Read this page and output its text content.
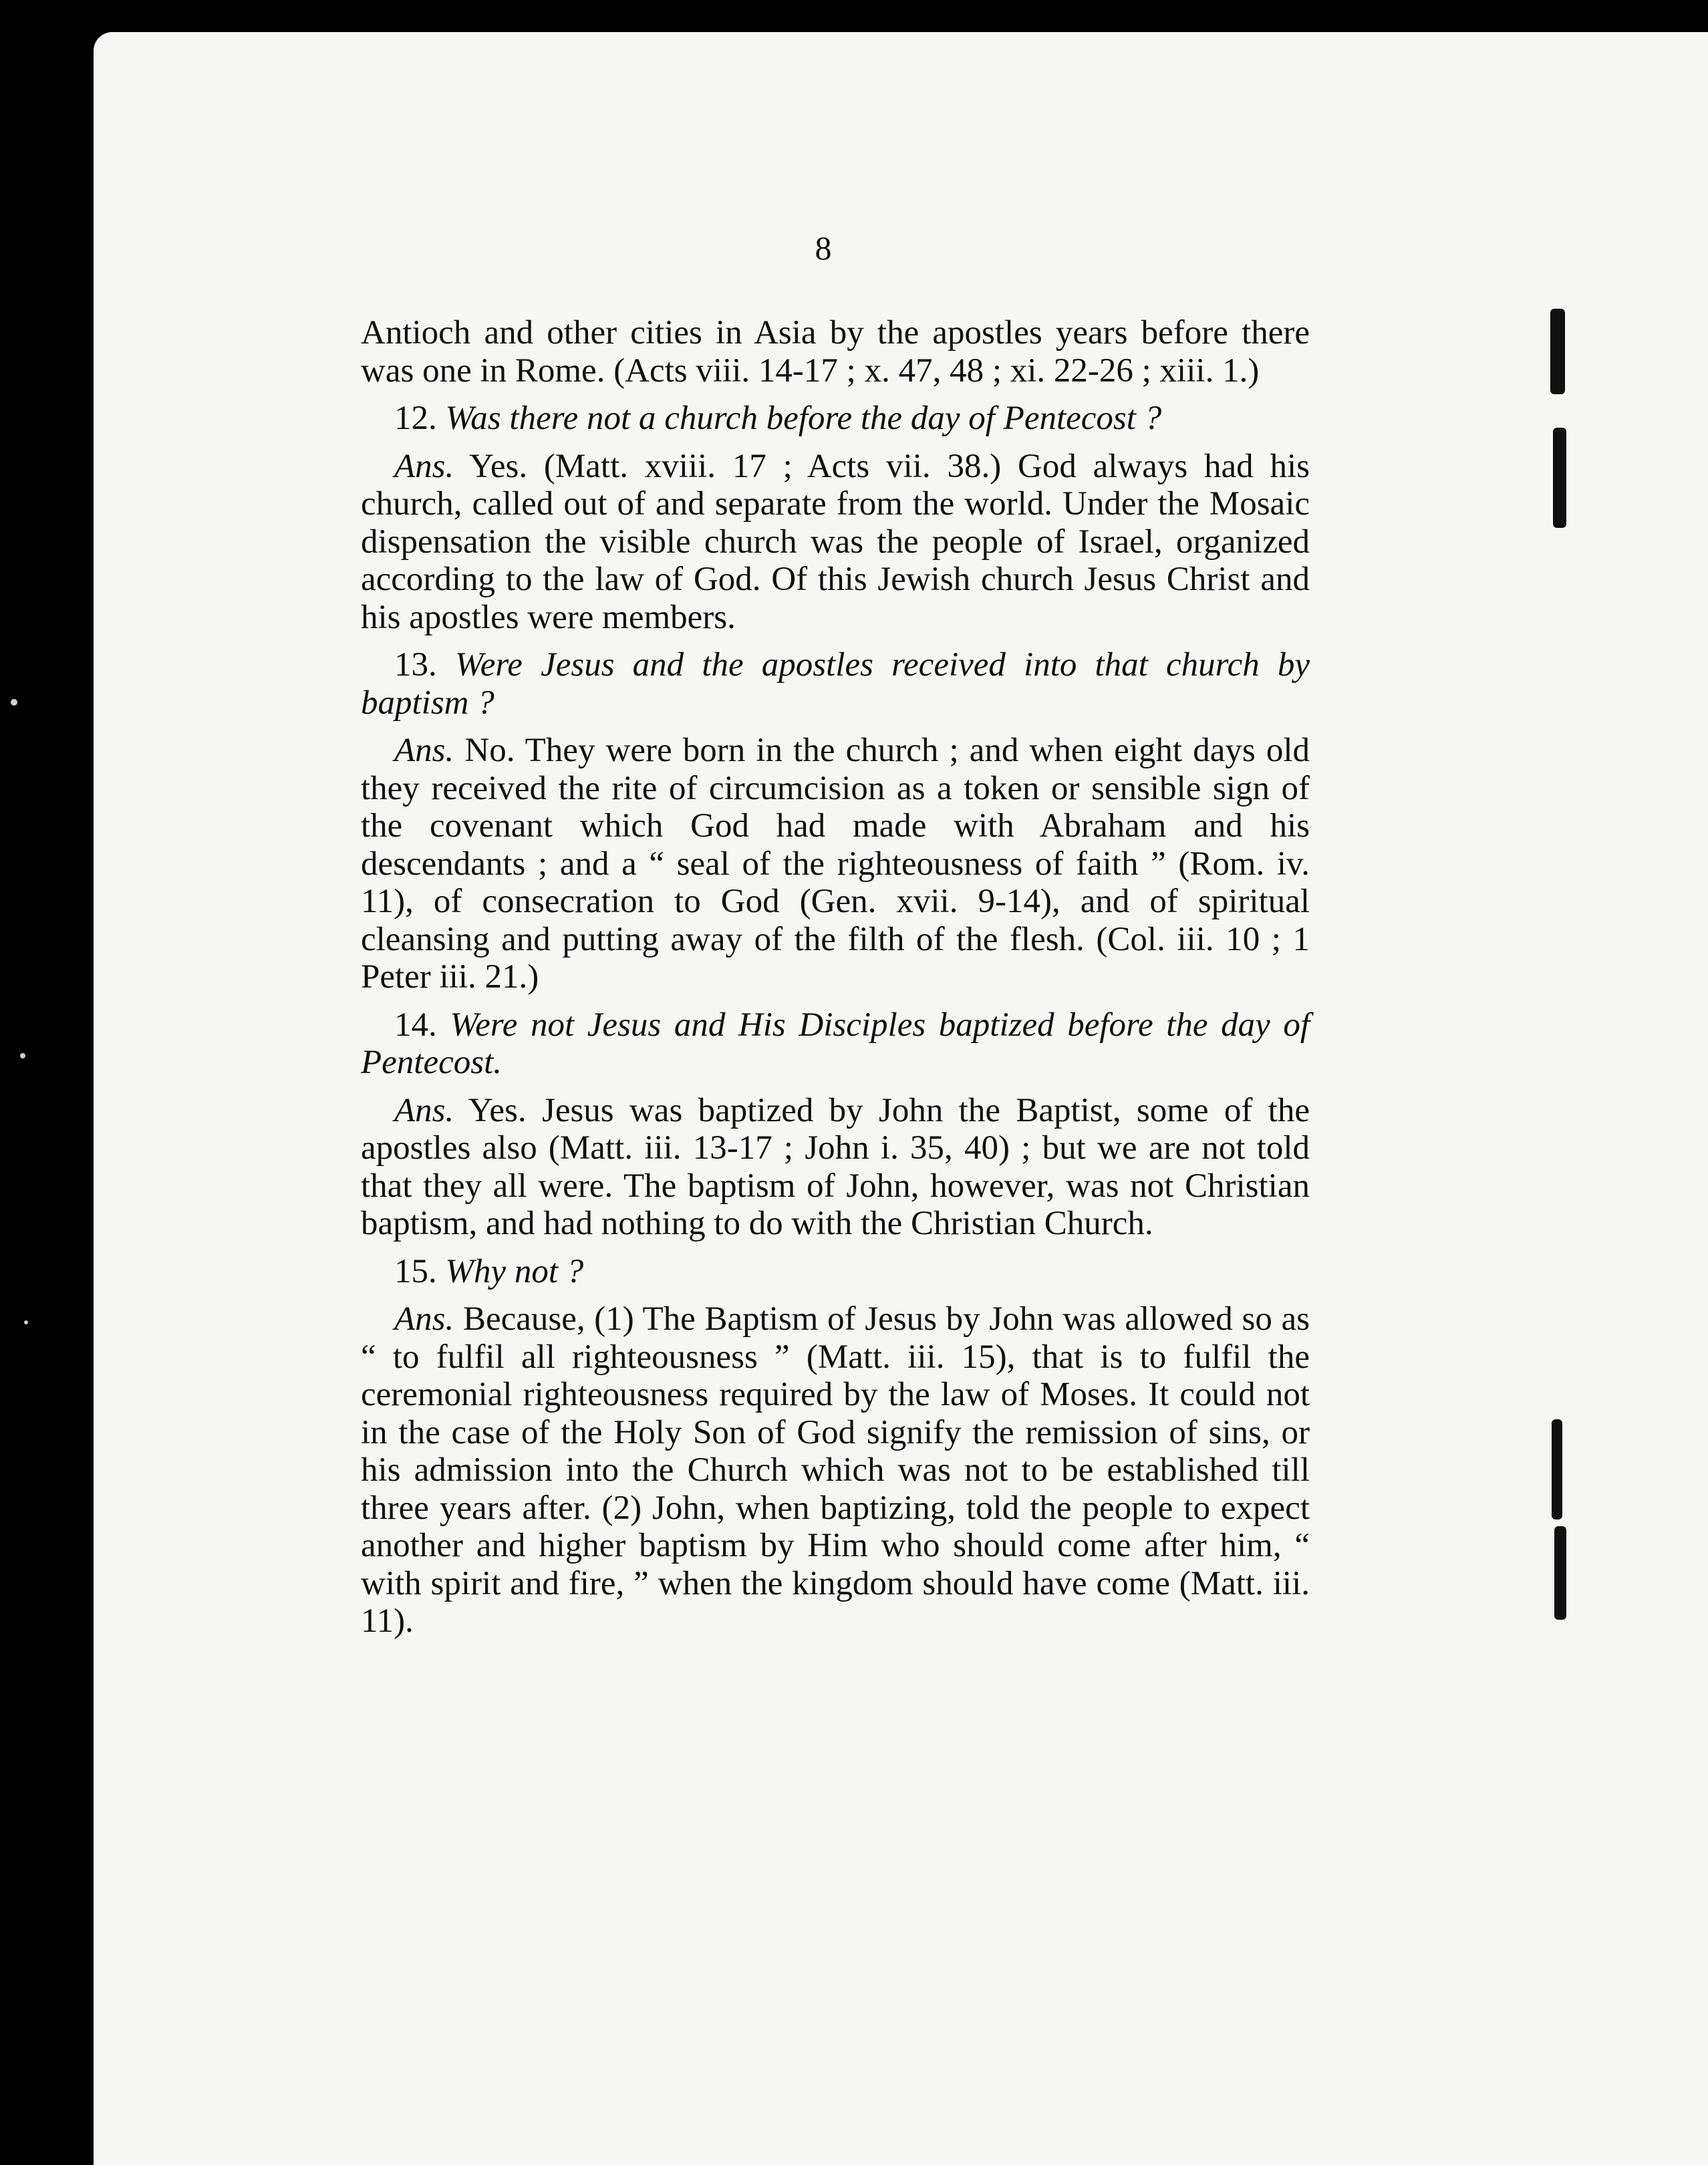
8

Antioch and other cities in Asia by the apostles years before there was one in Rome. (Acts viii. 14-17 ; x. 47, 48 ; xi. 22-26 ; xiii. 1.)

12. Was there not a church before the day of Pentecost ?

Ans. Yes. (Matt. xviii. 17 ; Acts vii. 38.) God always had his church, called out of and separate from the world. Under the Mosaic dispensation the visible church was the people of Israel, organized according to the law of God. Of this Jewish church Jesus Christ and his apostles were members.

13. Were Jesus and the apostles received into that church by baptism ?

Ans. No. They were born in the church ; and when eight days old they received the rite of circumcision as a token or sensible sign of the covenant which God had made with Abraham and his descendants ; and a “ seal of the righteousness of faith ” (Rom. iv. 11), of consecration to God (Gen. xvii. 9-14), and of spiritual cleansing and putting away of the filth of the flesh. (Col. iii. 10 ; 1 Peter iii. 21.)

14. Were not Jesus and His Disciples baptized before the day of Pentecost.

Ans. Yes. Jesus was baptized by John the Baptist, some of the apostles also (Matt. iii. 13-17 ; John i. 35, 40) ; but we are not told that they all were. The baptism of John, however, was not Christian baptism, and had nothing to do with the Christian Church.

15. Why not ?

Ans. Because, (1) The Baptism of Jesus by John was allowed so as “ to fulfil all righteousness ” (Matt. iii. 15), that is to fulfil the ceremonial righteousness required by the law of Moses. It could not in the case of the Holy Son of God signify the remission of sins, or his admission into the Church which was not to be established till three years after. (2) John, when baptizing, told the people to expect another and higher baptism by Him who should come after him, “ with spirit and fire, ” when the kingdom should have come (Matt. iii. 11).
